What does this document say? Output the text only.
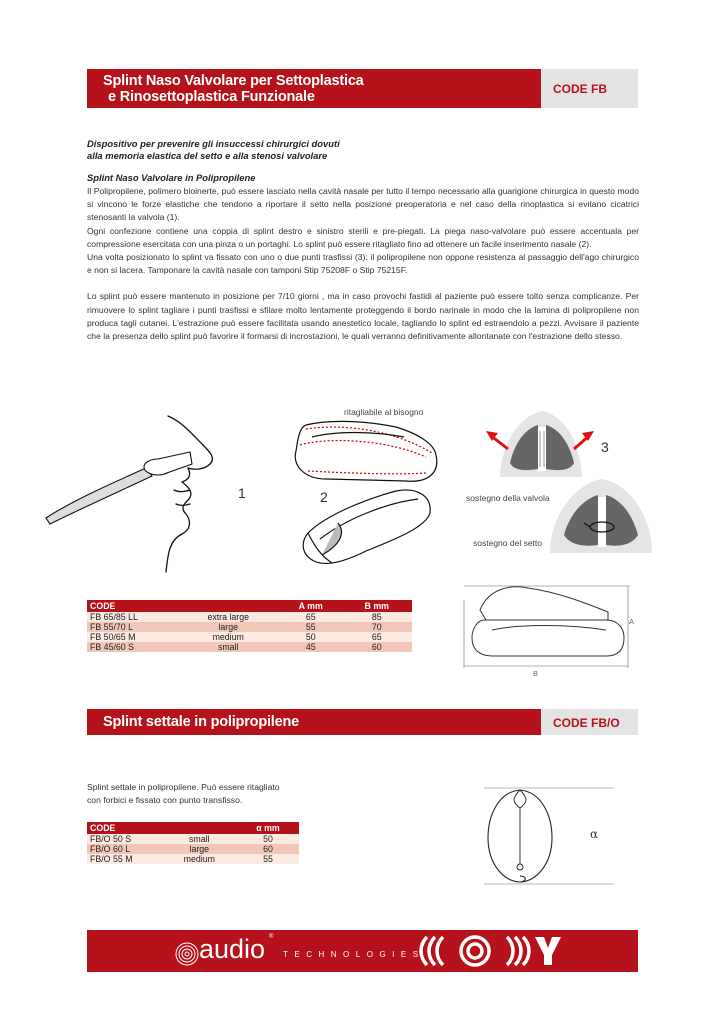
Splint Naso Valvolare per Settoplastica
e Rinosettoplastica Funzionale	CODE FB
Dispositivo per prevenire gli insuccessi chirurgici dovuti
alla memoria elastica del setto e alla stenosi valvolare
Splint Naso Valvolare in Polipropilene

Il Polipropilene, polimero bioinerte, può essere lasciato nella cavità nasale per tutto il tempo necessario alla guarigione chirurgica in questo modo si vincono le forze elastiche che tendono a riportare il setto nella posizione preoperatoria e nel caso della rinoplastica si evitano cicatrici stenosanti la valvola (1).

Ogni confezione contiene una coppia di splint destro e sinistro sterili e pre-piegati. La piega naso-valvolare può essere accentuala per compressione esercitata con una pinza o un portaghi. Lo splint può essere ritagliato fino ad ottenere un facile inserimento nasale (2).

Una volta posizionato lo splint va fissato con uno o due punti trasfissi (3): il polipropilene non oppone resistenza al passaggio dell'ago chirurgico e non si lacera. Tamponare la cavità nasale con tamponi Stip 75208F o Stip 75215F.

Lo splint può essere mantenuto in posizione per 7/10 giorni , ma in caso provochi fastidi al paziente può essere tolto senza complicanze. Per rimuovere lo splint tagliare i punti trasfissi e sfilare molto lentamente proteggendo il bordo narinale in modo che la lamina di polipropilene non produca tagli cutanei. L'estrazione può essere facilitata usando anestetico locale, tagliando lo splint ed estraendolo a pezzi. Avvisare il paziente che la presenza dello splint può favorire il formarsi di incrostazioni, le quali verranno definitivamente allontanate con l'estrazione dello stesso.

1
ritagliabile al bisogno
2
3
sostegno della valvola
sostegno del setto
CODE		A mm	B mm
FB 65/85 LL	extra large	65	85
FB 55/70 L	large	55	70
FB 50/65 M	medium	50	65
FB 45/60 S	small	45	60
A
B
Splint settale in polipropilene	CODE FB/O
Splint settale in polipropilene. Può essere ritagliato
con forbici e fissato con punto transfisso.
CODE		α mm
FB/O 50 S	small	50
FB/O 60 L	large	60
FB/O 55 M	medium	55
α
audio ®
TECHNOLOGIES
